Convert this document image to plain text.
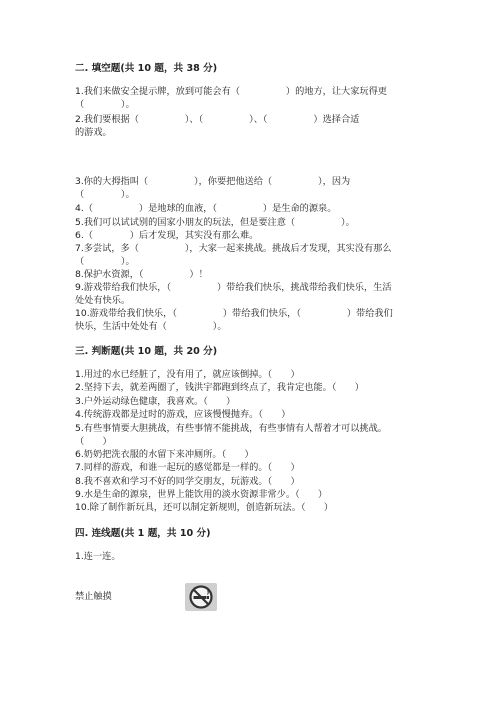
二. 填空题(共 10 题，共 38 分)
1.我们来做安全提示牌，放到可能会有（　　　　　）的地方，让大家玩得更
（　　　　）。
2.我们要根据（　　　　　）、（　　　　　）、（　　　　　）选择合适
的游戏。
3.你的大拇指叫（　　　　　），你要把他送给（　　　　　），因为
（　　　　）。
4.（　　　　　）是地球的血液，（　　　　　）是生命的源泉。
5.我们可以试试别的国家小朋友的玩法，但是要注意（　　　　　）。
6.（　　　　）后才发现，其实没有那么难。
7.多尝试，多（　　　　　），大家一起来挑战。挑战后才发现，其实没有那么
（　　　　）。
8.保护水资源，（　　　　　）！
9.游戏带给我们快乐，（　　　　　）带给我们快乐，挑战带给我们快乐，生活
处处有快乐。
10.游戏带给我们快乐，（　　　　　）带给我们快乐，（　　　　　）带给我们
快乐，生活中处处有（　　　　　）。
三. 判断题(共 10 题，共 20 分)
1.用过的水已经脏了，没有用了，就应该倒掉。（　　）
2.坚持下去，就差两圈了，钱洪宇都跑到终点了，我肯定也能。（　　）
3.户外运动绿色健康，我喜欢。（　　）
4.传统游戏都是过时的游戏，应该慢慢抛弃。（　　）
5.有些事情要大胆挑战，有些事情不能挑战，有些事情有人帮着才可以挑战。
（　　）
6.奶奶把洗衣服的水留下来冲厕所。（　　）
7.同样的游戏，和谁一起玩的感觉都是一样的。（　　）
8.我不喜欢和学习不好的同学交朋友，玩游戏。（　　）
9.水是生命的源泉，世界上能饮用的淡水资源非常少。（　　）
10.除了制作新玩具，还可以制定新规则，创造新玩法。（　　）
四. 连线题(共 1 题，共 10 分)
1.连一连。
禁止触摸
